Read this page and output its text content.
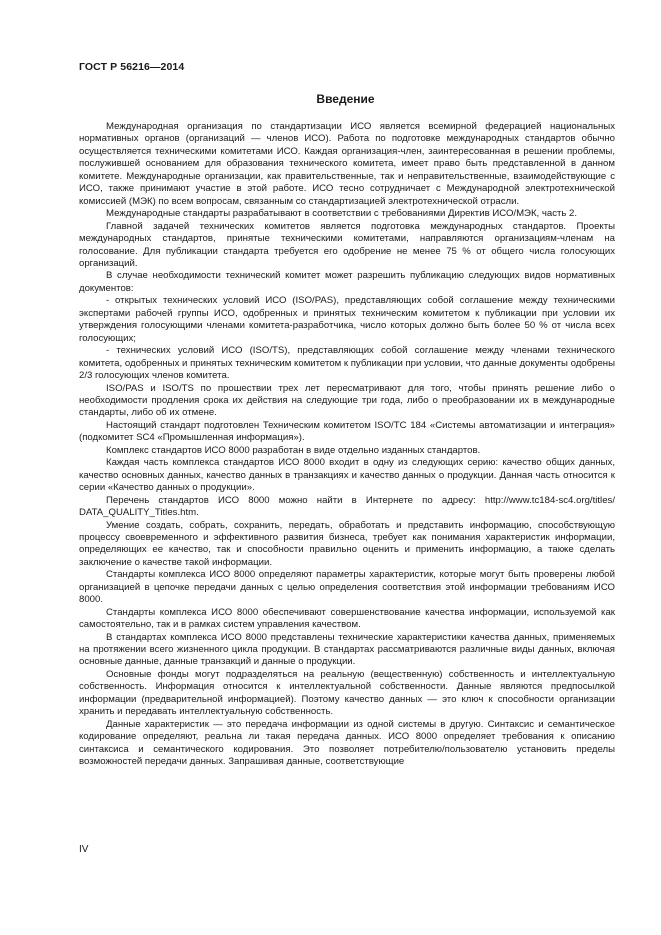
ГОСТ Р 56216—2014
Введение

Международная организация по стандартизации ИСО является всемирной федерацией национальных нормативных органов (организаций — членов ИСО). Работа по подготовке международных стандартов обычно осуществляется техническими комитетами ИСО. Каждая организация-член, заинтересованная в решении проблемы, послужившей основанием для образования технического комитета, имеет право быть представленной в данном комитете. Международные организации, как правительственные, так и неправительственные, взаимодействующие с ИСО, также принимают участие в этой работе. ИСО тесно сотрудничает с Международной электротехнической комиссией (МЭК) по всем вопросам, связанным со стандартизацией электротехнической отрасли.

Международные стандарты разрабатывают в соответствии с требованиями Директив ИСО/МЭК, часть 2.

Главной задачей технических комитетов является подготовка международных стандартов. Проекты международных стандартов, принятые техническими комитетами, направляются организациям-членам на голосование. Для публикации стандарта требуется его одобрение не менее 75 % от общего числа голосующих организаций.

В случае необходимости технический комитет может разрешить публикацию следующих видов нормативных документов:

- открытых технических условий ИСО (ISO/PAS), представляющих собой соглашение между техническими экспертами рабочей группы ИСО, одобренных и принятых техническим комитетом к публикации при условии их утверждения голосующими членами комитета-разработчика, число которых должно быть более 50 % от числа всех голосующих;

- технических условий ИСО (ISO/TS), представляющих собой соглашение между членами технического комитета, одобренных и принятых техническим комитетом к публикации при условии, что данные документы одобрены 2/3 голосующих членов комитета.

ISO/PAS и ISO/TS по прошествии трех лет пересматривают для того, чтобы принять решение либо о необходимости продления срока их действия на следующие три года, либо о преобразовании их в международные стандарты, либо об их отмене.

Настоящий стандарт подготовлен Техническим комитетом ISO/TC 184 «Системы автоматизации и интеграция» (подкомитет SC4 «Промышленная информация»).

Комплекс стандартов ИСО 8000 разработан в виде отдельно изданных стандартов.

Каждая часть комплекса стандартов ИСО 8000 входит в одну из следующих серию: качество общих данных, качество основных данных, качество данных в транзакциях и качество данных о продукции. Данная часть относится к серии «Качество данных о продукции».

Перечень стандартов ИСО 8000 можно найти в Интернете по адресу: http://www.tc184-sc4.org/titles/ DATA_QUALITY_Titles.htm.

Умение создать, собрать, сохранить, передать, обработать и представить информацию, способствующую процессу своевременного и эффективного развития бизнеса, требует как понимания характеристик информации, определяющих ее качество, так и способности правильно оценить и применить информацию, а также сделать заключение о качестве такой информации.

Стандарты комплекса ИСО 8000 определяют параметры характеристик, которые могут быть проверены любой организацией в цепочке передачи данных с целью определения соответствия этой информации требованиям ИСО 8000.

Стандарты комплекса ИСО 8000 обеспечивают совершенствование качества информации, используемой как самостоятельно, так и в рамках систем управления качеством.

В стандартах комплекса ИСО 8000 представлены технические характеристики качества данных, применяемых на протяжении всего жизненного цикла продукции. В стандартах рассматриваются различные виды данных, включая основные данные, данные транзакций и данные о продукции.

Основные фонды могут подразделяться на реальную (вещественную) собственность и интеллектуальную собственность. Информация относится к интеллектуальной собственности. Данные являются предпосылкой информации (предварительной информацией). Поэтому качество данных — это ключ к способности организации хранить и передавать интеллектуальную собственность.

Данные характеристик — это передача информации из одной системы в другую. Синтаксис и семантическое кодирование определяют, реальна ли такая передача данных. ИСО 8000 определяет требования к описанию синтаксиса и семантического кодирования. Это позволяет потребителю/пользователю установить пределы возможностей передачи данных. Запрашивая данные, соответствующие

IV
